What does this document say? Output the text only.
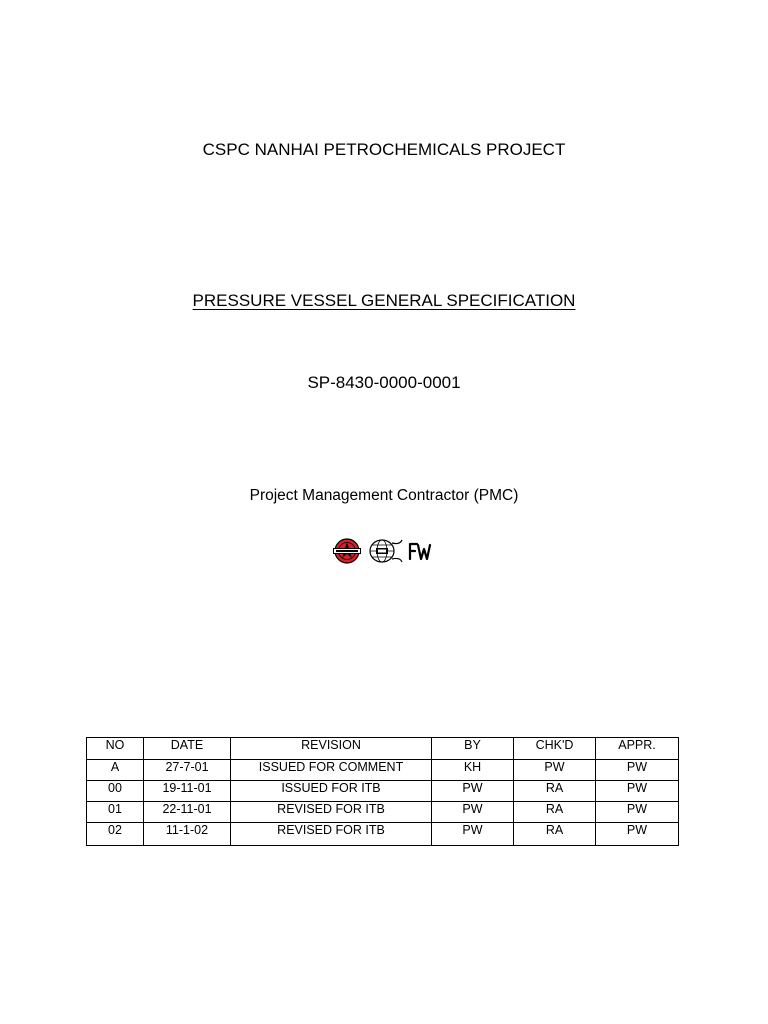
CSPC NANHAI PETROCHEMICALS PROJECT
PRESSURE VESSEL GENERAL SPECIFICATION
SP-8430-0000-0001
Project Management Contractor (PMC)
NO	DATE	REVISION	BY	CHK'D	APPR.
A	27-7-01	ISSUED FOR COMMENT	KH	PW	PW
00	19-11-01	ISSUED FOR ITB	PW	RA	PW
01	22-11-01	REVISED FOR ITB	PW	RA	PW
02	11-1-02	REVISED FOR ITB	PW	RA	PW
